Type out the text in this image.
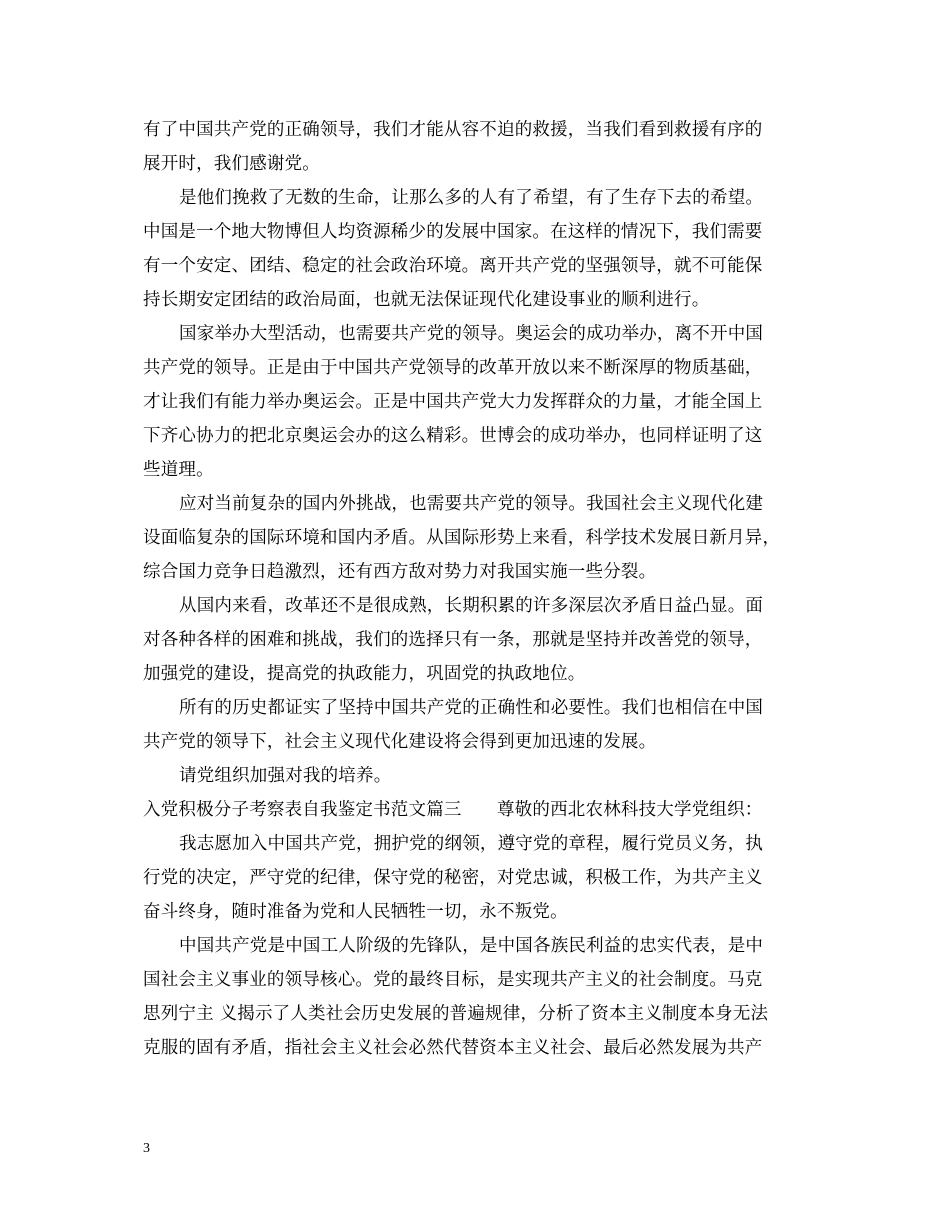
有了中国共产党的正确领导，我们才能从容不迫的救援，当我们看到救援有序的
展开时，我们感谢党。
是他们挽救了无数的生命，让那么多的人有了希望，有了生存下去的希望。
中国是一个地大物博但人均资源稀少的发展中国家。在这样的情况下，我们需要
有一个安定、团结、稳定的社会政治环境。离开共产党的坚强领导，就不可能保
持长期安定团结的政治局面，也就无法保证现代化建设事业的顺利进行。
国家举办大型活动，也需要共产党的领导。奥运会的成功举办，离不开中国
共产党的领导。正是由于中国共产党领导的改革开放以来不断深厚的物质基础，
才让我们有能力举办奥运会。正是中国共产党大力发挥群众的力量，才能全国上
下齐心协力的把北京奥运会办的这么精彩。世博会的成功举办，也同样证明了这
些道理。
应对当前复杂的国内外挑战，也需要共产党的领导。我国社会主义现代化建
设面临复杂的国际环境和国内矛盾。从国际形势上来看，科学技术发展日新月异，
综合国力竞争日趋激烈，还有西方敌对势力对我国实施一些分裂。
从国内来看，改革还不是很成熟，长期积累的许多深层次矛盾日益凸显。面
对各种各样的困难和挑战，我们的选择只有一条，那就是坚持并改善党的领导，
加强党的建设，提高党的执政能力，巩固党的执政地位。
所有的历史都证实了坚持中国共产党的正确性和必要性。我们也相信在中国
共产党的领导下，社会主义现代化建设将会得到更加迅速的发展。
请党组织加强对我的培养。
入党积极分子考察表自我鉴定书范文篇三　　尊敬的西北农林科技大学党组织：
我志愿加入中国共产党，拥护党的纲领，遵守党的章程，履行党员义务，执
行党的决定，严守党的纪律，保守党的秘密，对党忠诚，积极工作，为共产主义
奋斗终身，随时准备为党和人民牺牲一切，永不叛党。
中国共产党是中国工人阶级的先锋队，是中国各族民利益的忠实代表，是中
国社会主义事业的领导核心。党的最终目标，是实现共产主义的社会制度。马克
思列宁主 义揭示了人类社会历史发展的普遍规律，分析了资本主义制度本身无法
克服的固有矛盾，指社会主义社会必然代替资本主义社会、最后必然发展为共产
3
